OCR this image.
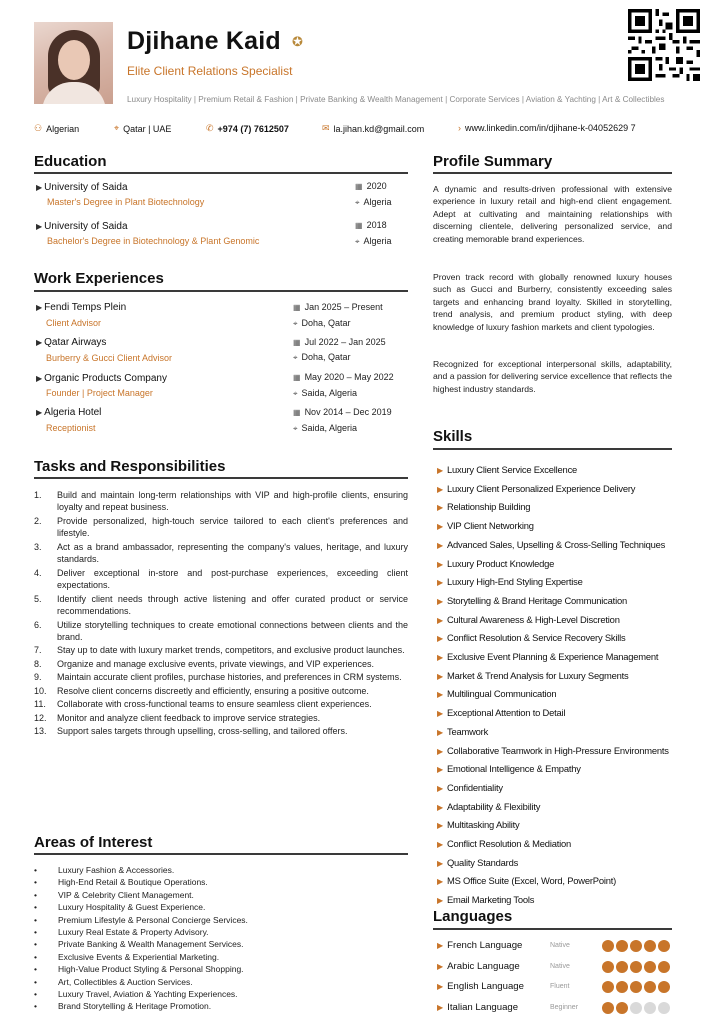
Djihane Kaid ✪
Elite Client Relations Specialist
Luxury Hospitality | Premium Retail & Fashion | Private Banking & Wealth Management | Corporate Services | Aviation & Yachting | Art & Collectibles
⚇ Algerian	⌖ Qatar | UAE	✆ +974 (7) 7612507	✉ la.jihan.kd@gmail.com	› www.linkedin.com/in/djihane-k-04052629 7
Education
▶ University of Saida
Master's Degree in Plant Biotechnology
▦ 2020
⌖ Algeria
▶ University of Saida
Bachelor's Degree in Biotechnology & Plant Genomic
▦ 2018
⌖ Algeria
Work Experiences
▶ Fendi Temps Plein
Client Advisor
▦ Jan 2025 – Present
⌖ Doha, Qatar
▶ Qatar Airways
Burberry & Gucci Client Advisor
▦ Jul 2022 – Jan 2025
⌖ Doha, Qatar
▶ Organic Products Company
Founder | Project Manager
▦ May 2020 – May 2022
⌖ Saida, Algeria
▶ Algeria Hotel
Receptionist
▦ Nov 2014 – Dec 2019
⌖ Saida, Algeria
Tasks and Responsibilities
1.	Build and maintain long-term relationships with VIP and high-profile clients, ensuring loyalty and repeat business.
2.	Provide personalized, high-touch service tailored to each client's preferences and lifestyle.
3.	Act as a brand ambassador, representing the company's values, heritage, and luxury standards.
4.	Deliver exceptional in-store and post-purchase experiences, exceeding client expectations.
5.	Identify client needs through active listening and offer curated product or service recommendations.
6.	Utilize storytelling techniques to create emotional connections between clients and the brand.
7.	Stay up to date with luxury market trends, competitors, and exclusive product launches.
8.	Organize and manage exclusive events, private viewings, and VIP experiences.
9.	Maintain accurate client profiles, purchase histories, and preferences in CRM systems.
10.	Resolve client concerns discreetly and efficiently, ensuring a positive outcome.
11.	Collaborate with cross-functional teams to ensure seamless client experiences.
12.	Monitor and analyze client feedback to improve service strategies.
13.	Support sales targets through upselling, cross-selling, and tailored offers.
Areas of Interest
•	Luxury Fashion & Accessories.
•	High-End Retail & Boutique Operations.
•	VIP & Celebrity Client Management.
•	Luxury Hospitality & Guest Experience.
•	Premium Lifestyle & Personal Concierge Services.
•	Luxury Real Estate & Property Advisory.
•	Private Banking & Wealth Management Services.
•	Exclusive Events & Experiential Marketing.
•	High-Value Product Styling & Personal Shopping.
•	Art, Collectibles & Auction Services.
•	Luxury Travel, Aviation & Yachting Experiences.
•	Brand Storytelling & Heritage Promotion.
Profile Summary
A dynamic and results-driven professional with extensive experience in luxury retail and high-end client engagement. Adept at cultivating and maintaining relationships with discerning clientele, delivering personalized service, and creating memorable brand experiences.
Proven track record with globally renowned luxury houses such as Gucci and Burberry, consistently exceeding sales targets and enhancing brand loyalty. Skilled in storytelling, trend analysis, and premium product styling, with deep knowledge of luxury fashion markets and client typologies.
Recognized for exceptional interpersonal skills, adaptability, and a passion for delivering service excellence that reflects the highest industry standards.
Skills
▶ Luxury Client Service Excellence
▶ Luxury Client Personalized Experience Delivery
▶ Relationship Building
▶ VIP Client Networking
▶ Advanced Sales, Upselling & Cross-Selling Techniques
▶ Luxury Product Knowledge
▶ Luxury High-End Styling Expertise
▶ Storytelling & Brand Heritage Communication
▶ Cultural Awareness & High-Level Discretion
▶ Conflict Resolution & Service Recovery Skills
▶ Exclusive Event Planning & Experience Management
▶ Market & Trend Analysis for Luxury Segments
▶ Multilingual Communication
▶ Exceptional Attention to Detail
▶ Teamwork
▶ Collaborative Teamwork in High-Pressure Environments
▶ Emotional Intelligence & Empathy
▶ Confidentiality
▶ Adaptability & Flexibility
▶ Multitasking Ability
▶ Conflict Resolution & Mediation
▶ Quality Standards
▶ MS Office Suite (Excel, Word, PowerPoint)
▶ Email Marketing Tools
Languages
▶ French Language	Native
▶ Arabic Language	Native
▶ English Language	Fluent
▶ Italian Language	Beginner
